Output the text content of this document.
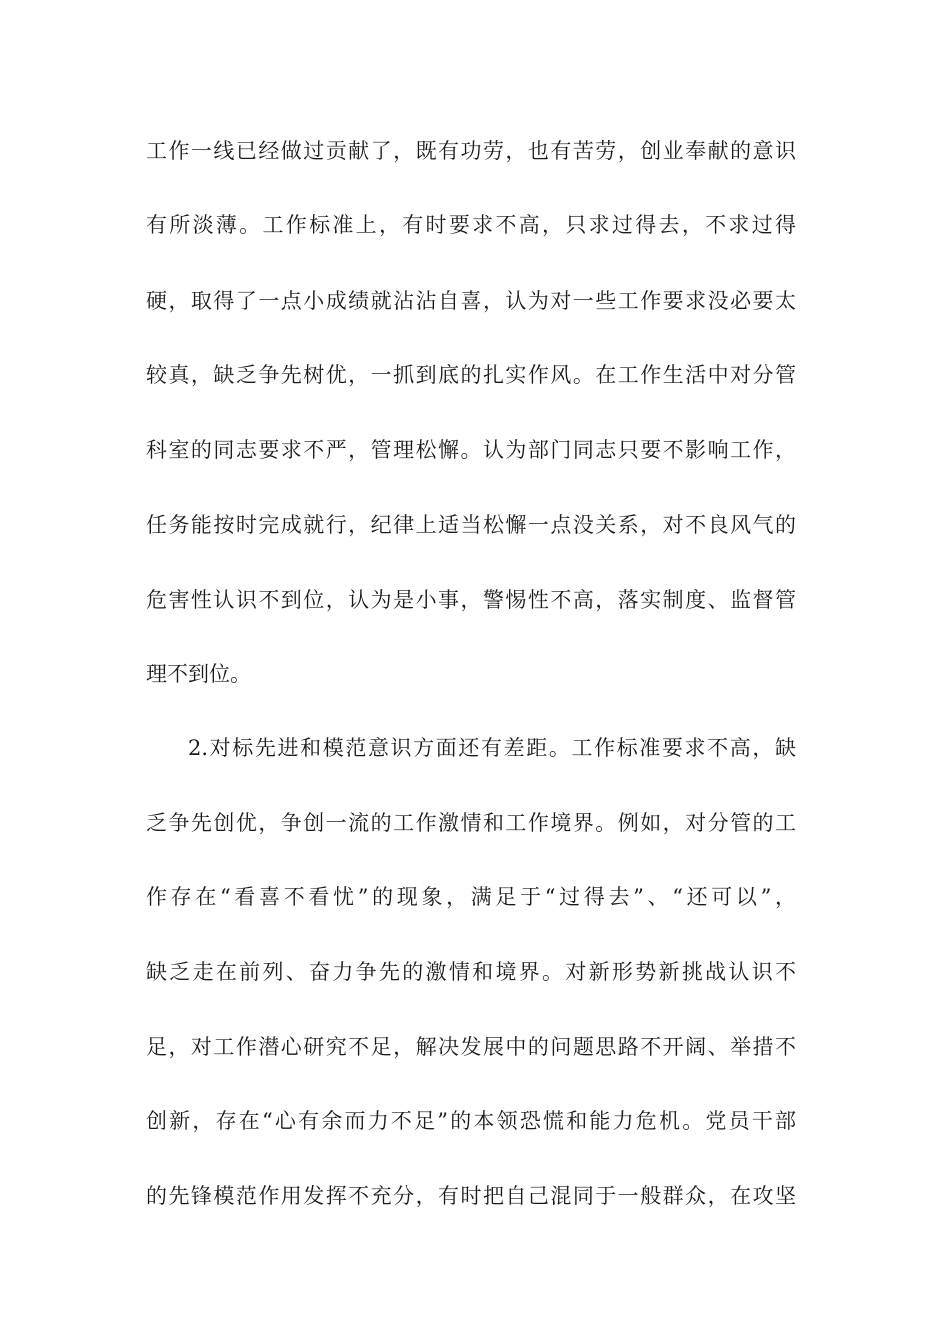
工作一线已经做过贡献了，既有功劳，也有苦劳，创业奉献的意识
有所淡薄。工作标准上，有时要求不高，只求过得去，不求过得
硬，取得了一点小成绩就沾沾自喜，认为对一些工作要求没必要太
较真，缺乏争先树优，一抓到底的扎实作风。在工作生活中对分管
科室的同志要求不严，管理松懈。认为部门同志只要不影响工作，
任务能按时完成就行，纪律上适当松懈一点没关系，对不良风气的
危害性认识不到位，认为是小事，警惕性不高，落实制度、监督管
理不到位。
2.对标先进和模范意识方面还有差距。工作标准要求不高，缺
乏争先创优，争创一流的工作激情和工作境界。例如，对分管的工
作存在“看喜不看忧”的现象，满足于“过得去”、“还可以”，
缺乏走在前列、奋力争先的激情和境界。对新形势新挑战认识不
足，对工作潜心研究不足，解决发展中的问题思路不开阔、举措不
创新，存在“心有余而力不足”的本领恐慌和能力危机。党员干部
的先锋模范作用发挥不充分，有时把自己混同于一般群众，在攻坚
